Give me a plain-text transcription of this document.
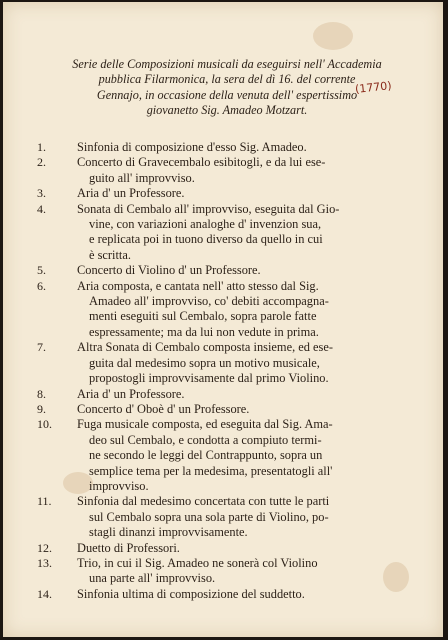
Serie delle Composizioni musicali da eseguirsi nell' Accademia
pubblica Filarmonica, la sera del dì 16. del corrente
Gennajo, in occasione della venuta dell' espertissimo
giovanetto Sig. Amadeo Motzart.
(1770)
1.	Sinfonia di composizione d'esso Sig. Amadeo.
2.	Concerto di Gravecembalo esibitogli, e da lui ese-
guito all' improvviso.
3.	Aria d' un Professore.
4.	Sonata di Cembalo all' improvviso, eseguita dal Gio-
vine, con variazioni analoghe d' invenzion sua,
e replicata poi in tuono diverso da quello in cui
è scritta.
5.	Concerto di Violino d' un Professore.
6.	Aria composta, e cantata nell' atto stesso dal Sig.
Amadeo all' improvviso, co' debiti accompagna-
menti eseguiti sul Cembalo, sopra parole fatte
espressamente; ma da lui non vedute in prima.
7.	Altra Sonata di Cembalo composta insieme, ed ese-
guita dal medesimo sopra un motivo musicale,
propostogli improvvisamente dal primo Violino.
8.	Aria d' un Professore.
9.	Concerto d' Oboè d' un Professore.
10.	Fuga musicale composta, ed eseguita dal Sig. Ama-
deo sul Cembalo, e condotta a compiuto termi-
ne secondo le leggi del Contrappunto, sopra un
semplice tema per la medesima, presentatogli all'
improvviso.
11.	Sinfonia dal medesimo concertata con tutte le parti
sul Cembalo sopra una sola parte di Violino, po-
stagli dinanzi improvvisamente.
12.	Duetto di Professori.
13.	Trio, in cui il Sig. Amadeo ne sonerà col Violino
una parte all' improvviso.
14.	Sinfonia ultima di composizione del suddetto.
